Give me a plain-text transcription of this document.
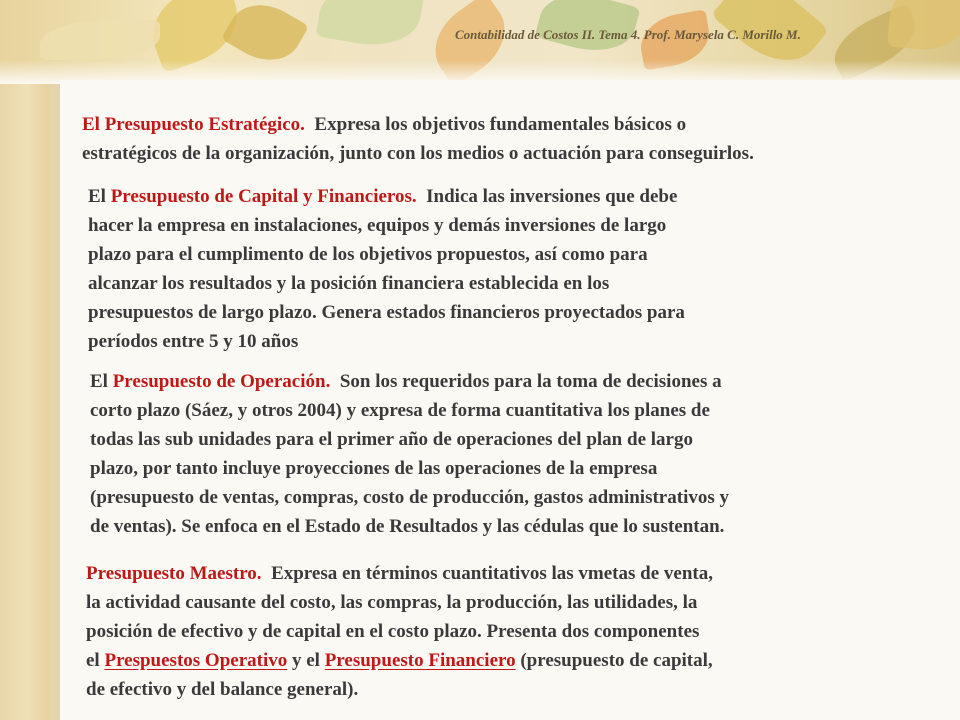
Contabilidad de Costos II. Tema 4. Prof. Marysela C. Morillo M.

El Presupuesto Estratégico. Expresa los objetivos fundamentales básicos o
estratégicos de la organización, junto con los medios o actuación para conseguirlos.

El Presupuesto de Capital y Financieros. Indica las inversiones que debe
hacer la empresa en instalaciones, equipos y demás inversiones de largo
plazo para el cumplimento de los objetivos propuestos, así como para
alcanzar los resultados y la posición financiera establecida en los
presupuestos de largo plazo. Genera estados financieros proyectados para
períodos entre 5 y 10 años

El Presupuesto de Operación. Son los requeridos para la toma de decisiones a
corto plazo (Sáez, y otros 2004) y expresa de forma cuantitativa los planes de
todas las sub unidades para el primer año de operaciones del plan de largo
plazo, por tanto incluye proyecciones de las operaciones de la empresa
(presupuesto de ventas, compras, costo de producción, gastos administrativos y
de ventas). Se enfoca en el Estado de Resultados y las cédulas que lo sustentan.

Presupuesto Maestro. Expresa en términos cuantitativos las vmetas de venta,
la actividad causante del costo, las compras, la producción, las utilidades, la
posición de efectivo y de capital en el costo plazo. Presenta dos componentes
el Prespuestos Operativo y el Presupuesto Financiero (presupuesto de capital,
de efectivo y del balance general).
